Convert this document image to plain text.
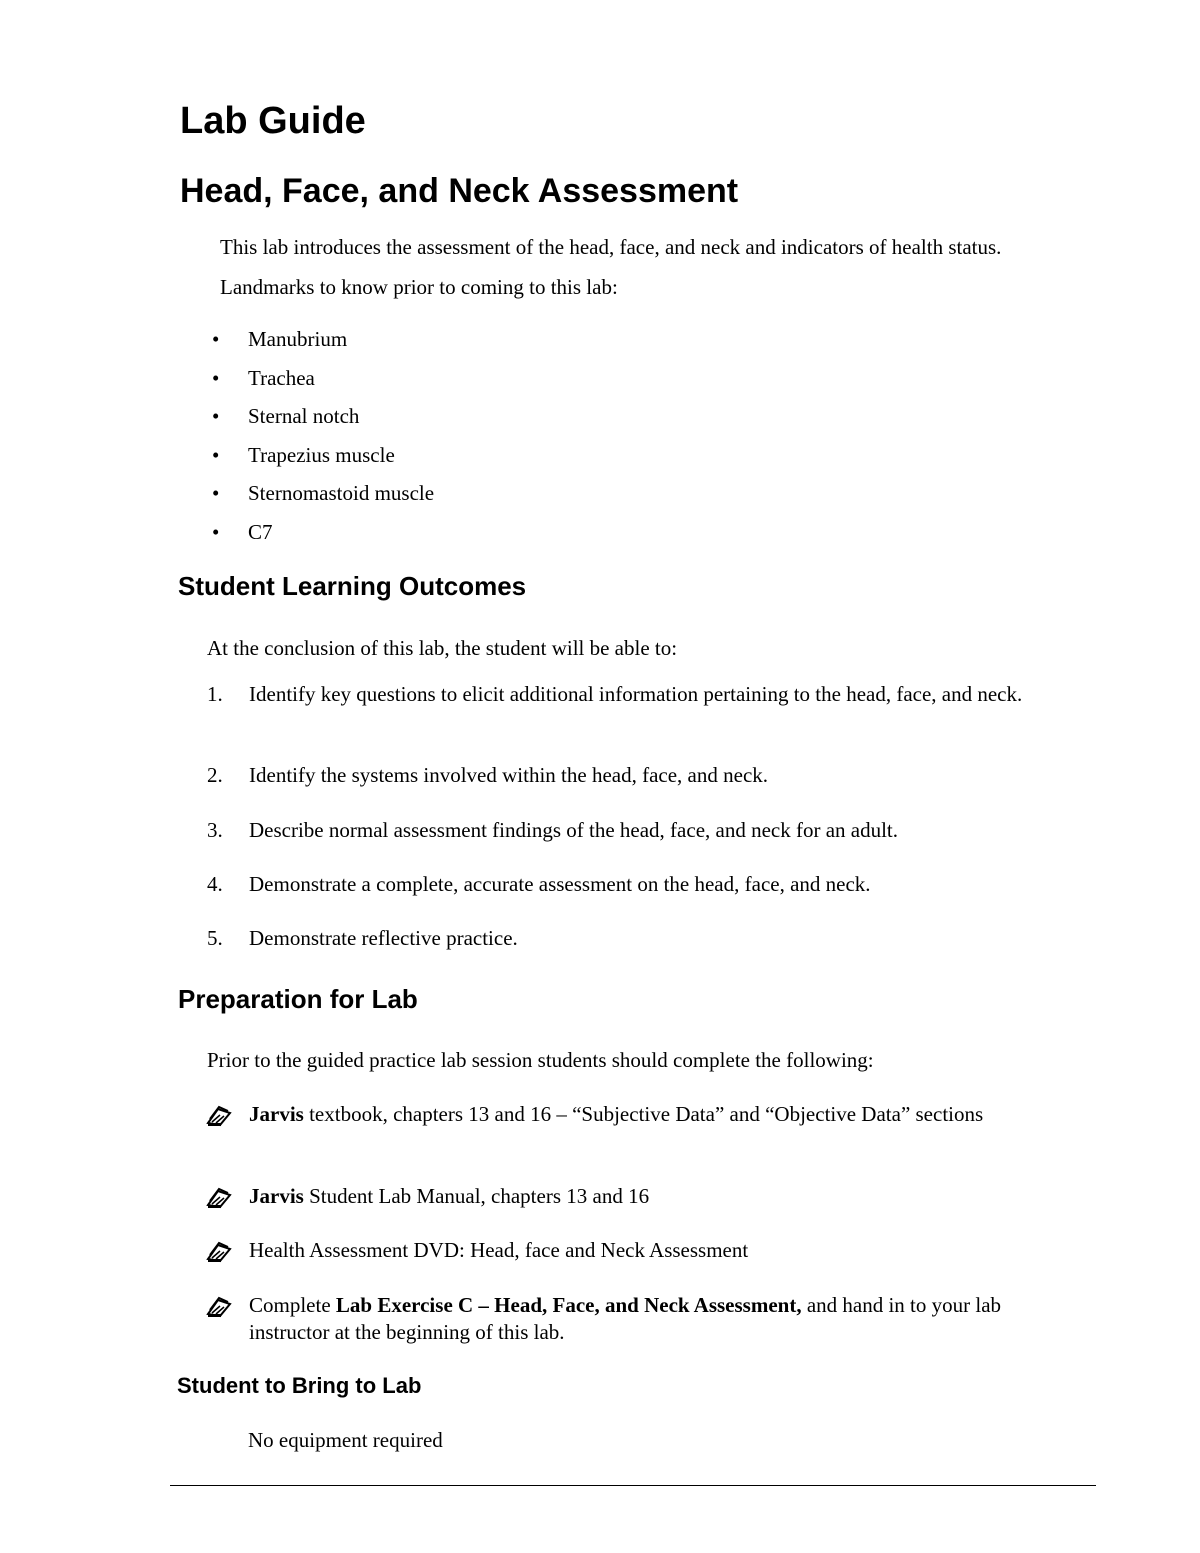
Lab Guide
Head, Face, and Neck Assessment
This lab introduces the assessment of the head, face, and neck and indicators of health status.
Landmarks to know prior to coming to this lab:
•	Manubrium
•	Trachea
•	Sternal notch
•	Trapezius muscle
•	Sternomastoid muscle
•	C7
Student Learning Outcomes
At the conclusion of this lab, the student will be able to:
1. Identify key questions to elicit additional information pertaining to the head, face, and neck.
2. Identify the systems involved within the head, face, and neck.
3. Describe normal assessment findings of the head, face, and neck for an adult.
4. Demonstrate a complete, accurate assessment on the head, face, and neck.
5. Demonstrate reflective practice.
Preparation for Lab
Prior to the guided practice lab session students should complete the following:
Jarvis textbook, chapters 13 and 16 – “Subjective Data” and “Objective Data” sections
Jarvis Student Lab Manual, chapters 13 and 16
Health Assessment DVD: Head, face and Neck Assessment
Complete Lab Exercise C – Head, Face, and Neck Assessment, and hand in to your lab instructor at the beginning of this lab.
Student to Bring to Lab
No equipment required
